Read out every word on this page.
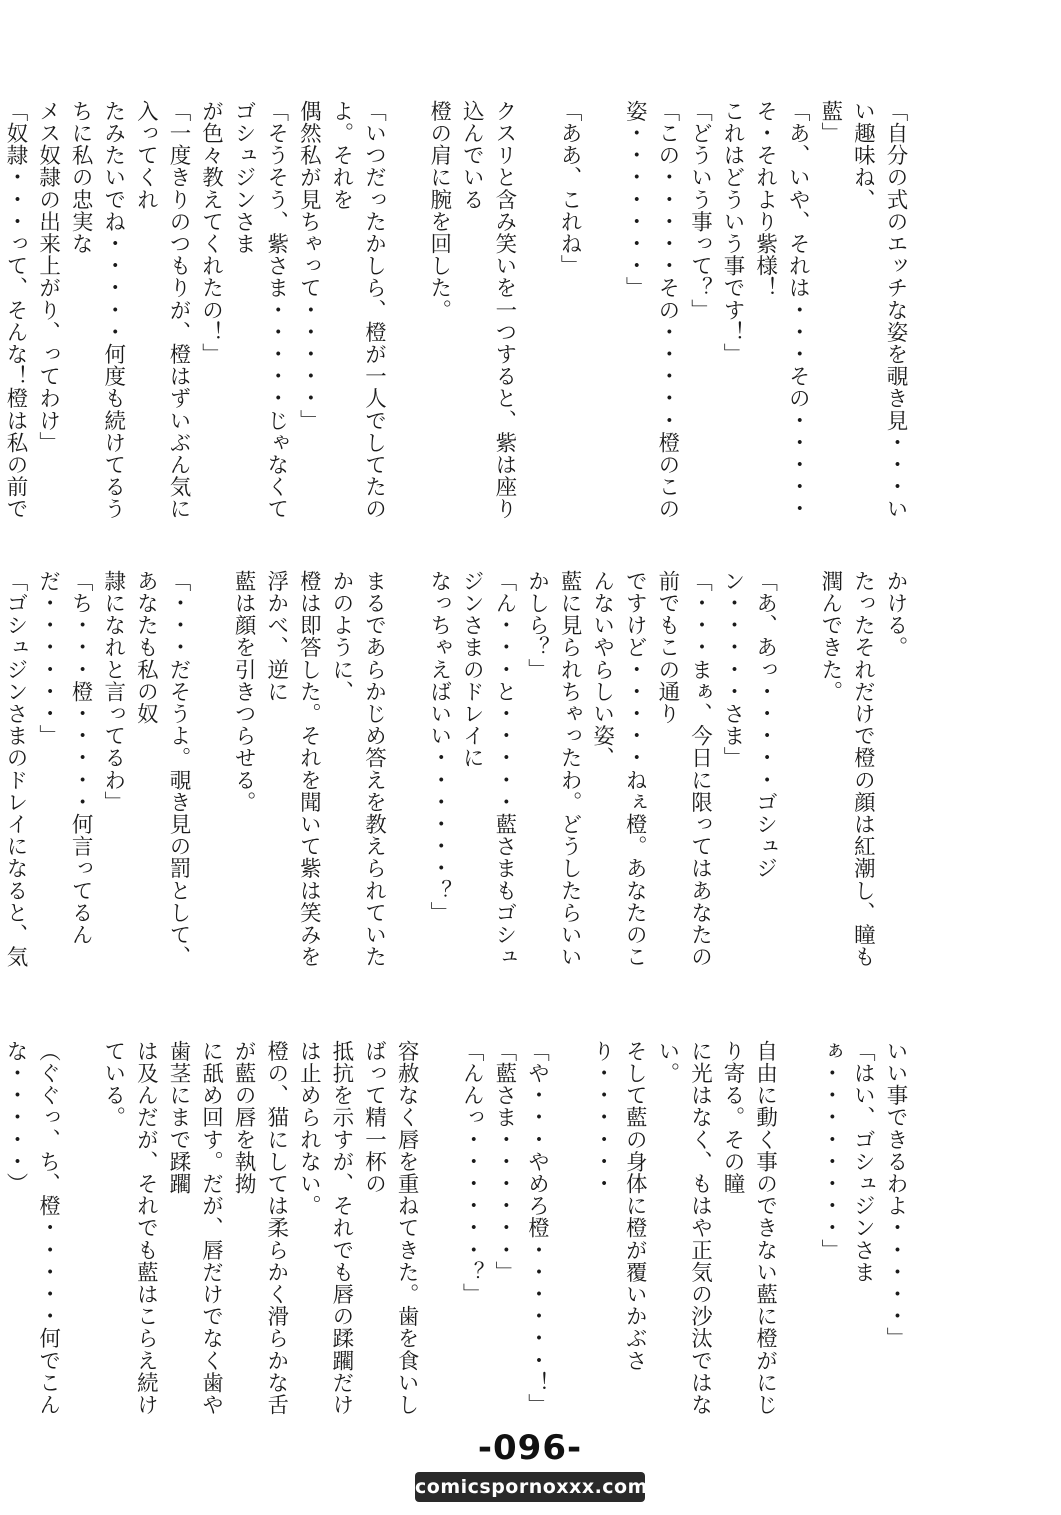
「自分の式のエッチな姿を覗き見・・・いい趣味ね、

藍」

「あ、いや、それは・・・その・・・・・そ・それより紫様！

これはどういう事です！」

「どういう事って？」

「この・・・・・その・・・・・橙のこの姿・・・・・・・」

「ああ、これね」

クスリと含み笑いを一つすると、紫は座り込んでいる

橙の肩に腕を回した。

「いつだったかしら、橙が一人でしてたのよ。それを

偶然私が見ちゃって・・・・・」

「そうそう、紫さま・・・・・じゃなくてゴシュジンさま

が色々教えてくれたの！」

「一度きりのつもりが、橙はずいぶん気に入ってくれ

たみたいでね・・・・・何度も続けてるうちに私の忠実な

メス奴隷の出来上がり、ってわけ」

「奴隷・・・って、そんな！橙は私の前で

かける。

たったそれだけで橙の顔は紅潮し、瞳も潤んできた。

「あ、あっ・・・・・ゴシュジン・・・・・さま」

「・・・まぁ、今日に限ってはあなたの前でもこの通り

ですけど・・・・・ねぇ橙。あなたのこんないやらしい姿、

藍に見られちゃったわ。どうしたらいいかしら？」

「ん・・・と・・・・・藍さまもゴシュジンさまのドレイに

なっちゃえばいい・・・・・・？」

まるであらかじめ答えを教えられていたかのように、

橙は即答した。それを聞いて紫は笑みを浮かべ、逆に

藍は顔を引きつらせる。

「・・・だそうよ。覗き見の罰として、あなたも私の奴

隷になれと言ってるわ」

「ち・・・橙・・・・・何言ってるんだ・・・・・・」

「ゴシュジンさまのドレイになると、気

いい事できるわよ・・・・・」

「はい、ゴシュジンさまぁ・・・・・・・・」

自由に動く事のできない藍に橙がにじり寄る。その瞳

に光はなく、もはや正気の沙汰ではない。

そして藍の身体に橙が覆いかぶさり・・・・・・

「や・・・やめろ橙・・・・・・！」

「藍さま・・・・・・」

「んんっ・・・・・・？」

容赦なく唇を重ねてきた。歯を食いしばって精一杯の

抵抗を示すが、それでも唇の蹂躙だけは止められない。

橙の、猫にしては柔らかく滑らかな舌が藍の唇を執拗

に舐め回す。だが、唇だけでなく歯や歯茎にまで蹂躙

は及んだが、それでも藍はこらえ続けている。

（ぐぐっ、ち、橙・・・・・何でこんな・・・・・）

-096-
comicspornoxxx.com
